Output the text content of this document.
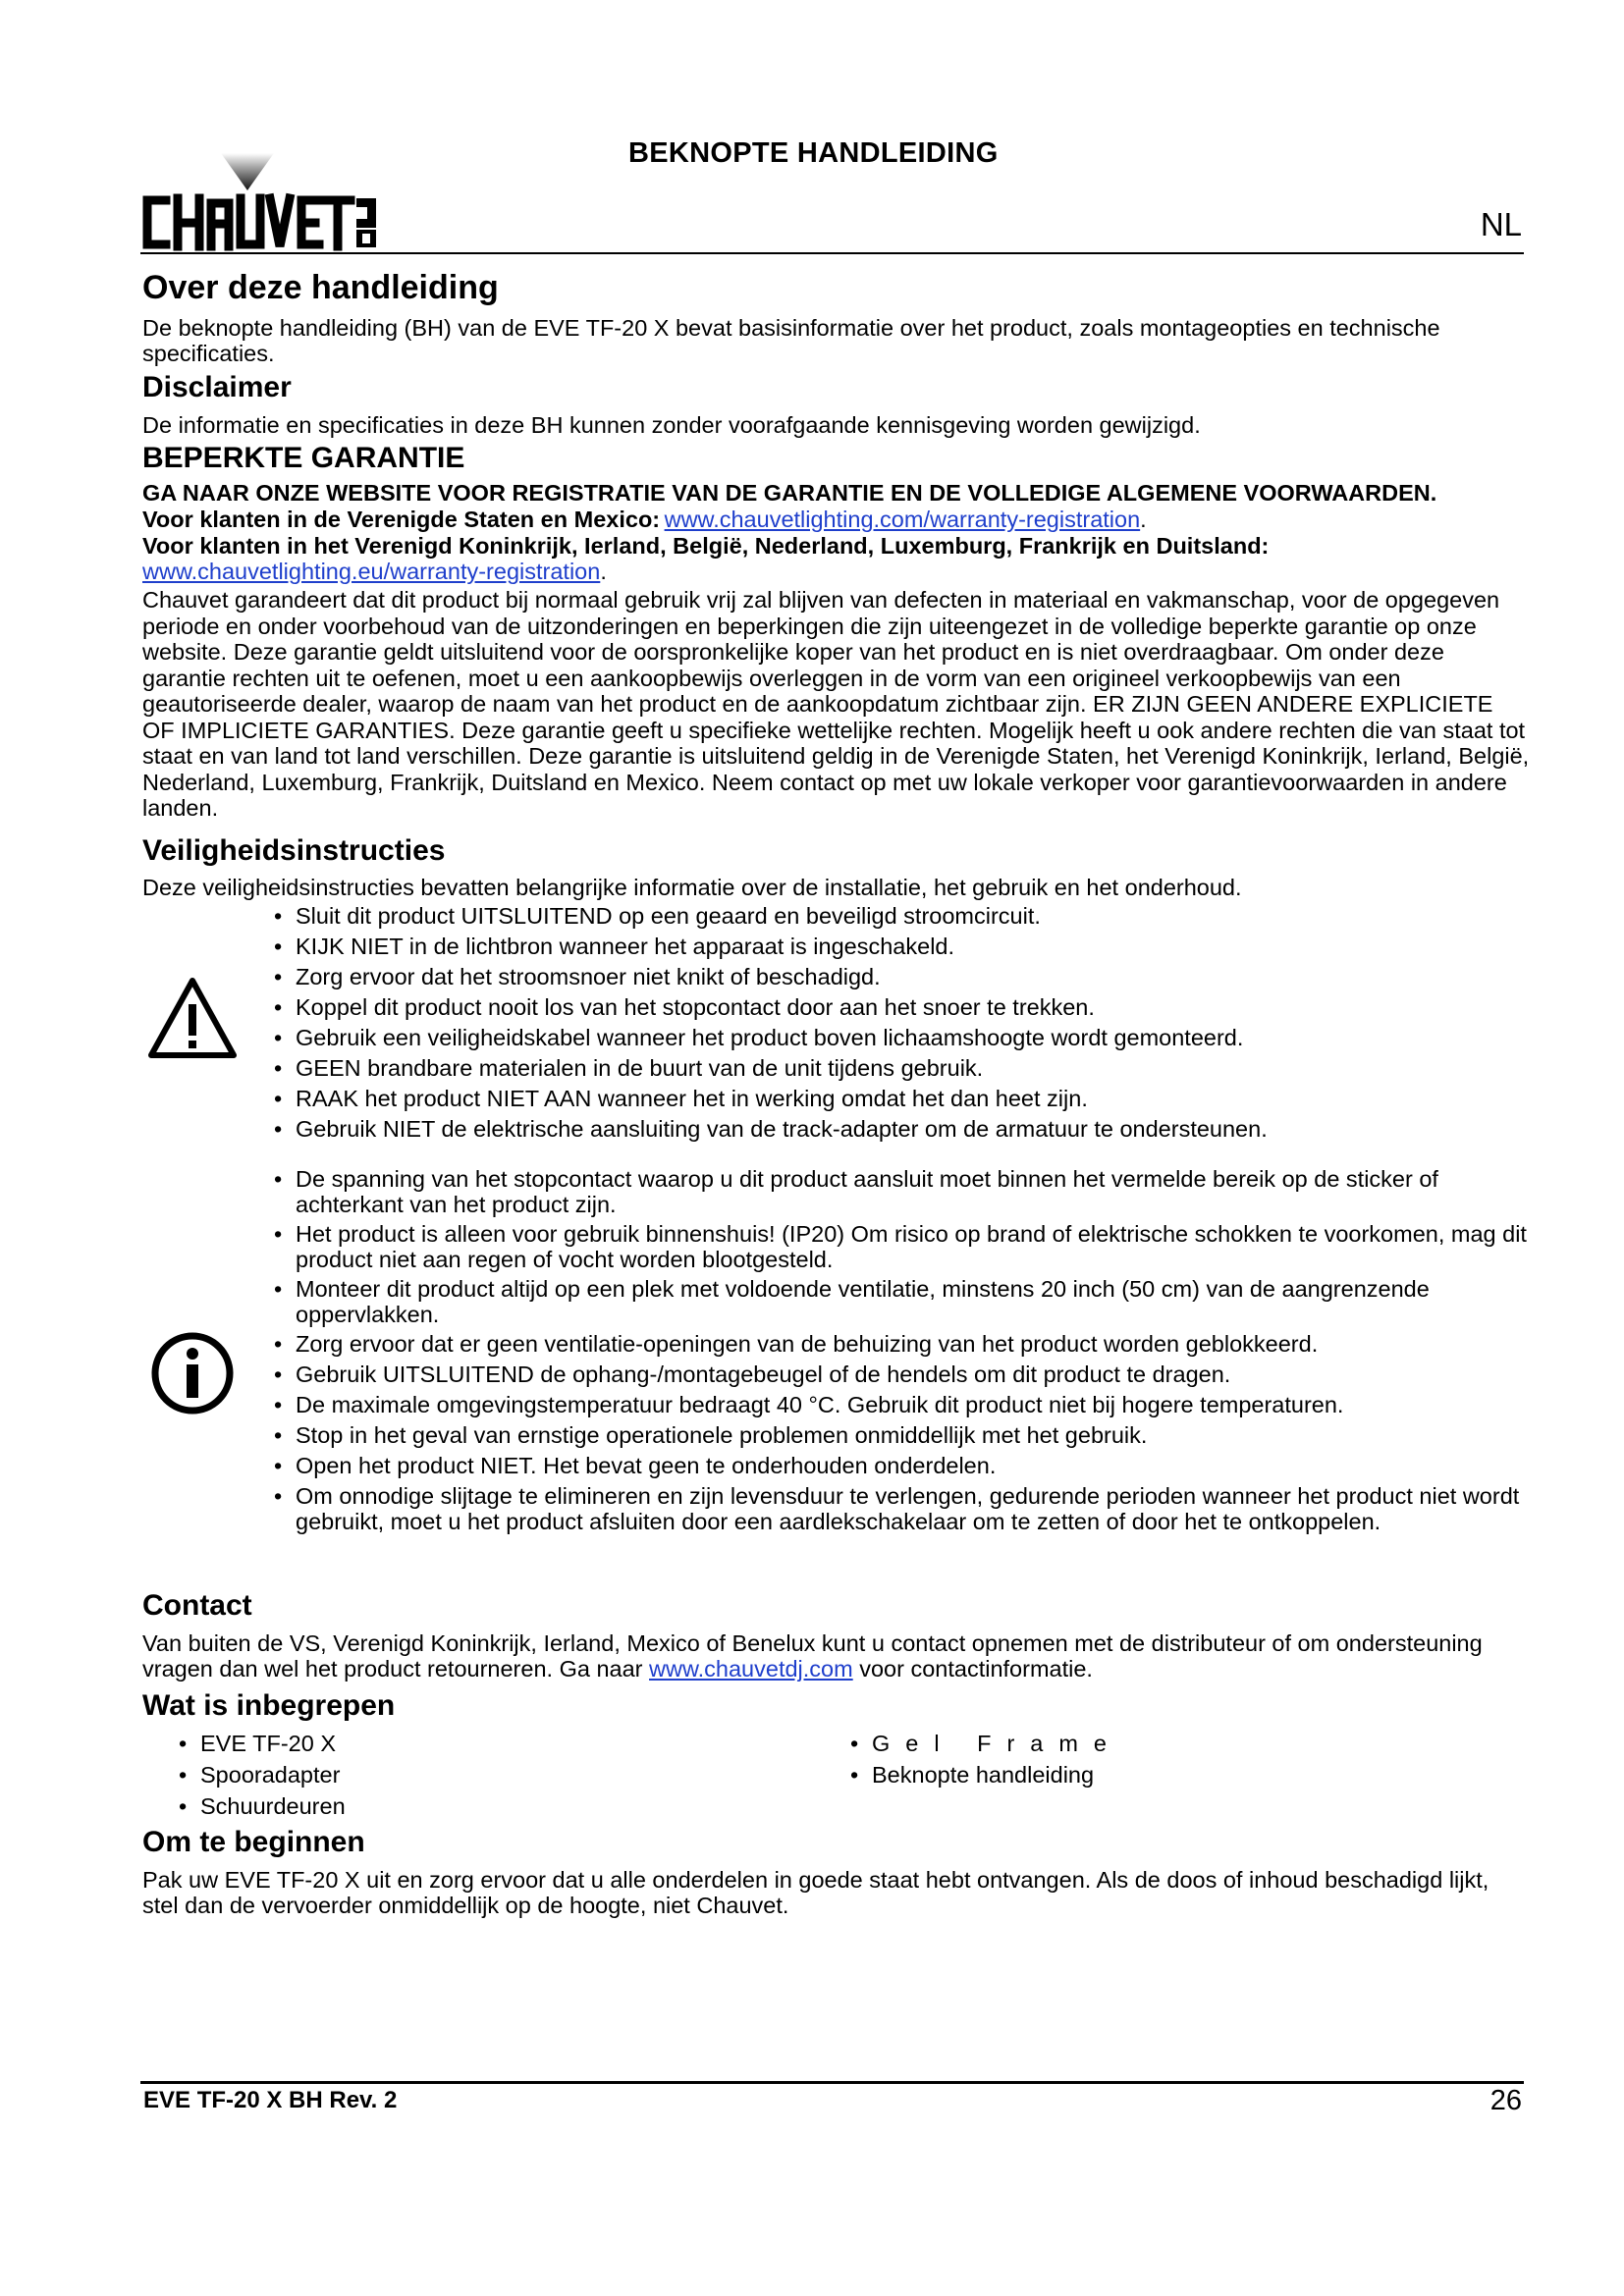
BEKNOPTE HANDLEIDING
NL
Over deze handleiding
De beknopte handleiding (BH) van de EVE TF-20 X bevat basisinformatie over het product, zoals montageopties en technische specificaties.
Disclaimer
De informatie en specificaties in deze BH kunnen zonder voorafgaande kennisgeving worden gewijzigd.
BEPERKTE GARANTIE
GA NAAR ONZE WEBSITE VOOR REGISTRATIE VAN DE GARANTIE EN DE VOLLEDIGE ALGEMENE VOORWAARDEN.
Voor klanten in de Verenigde Staten en Mexico: www.chauvetlighting.com/warranty-registration.
Voor klanten in het Verenigd Koninkrijk, Ierland, België, Nederland, Luxemburg, Frankrijk en Duitsland:
www.chauvetlighting.eu/warranty-registration.
Chauvet garandeert dat dit product bij normaal gebruik vrij zal blijven van defecten in materiaal en vakmanschap, voor de opgegeven periode en onder voorbehoud van de uitzonderingen en beperkingen die zijn uiteengezet in de volledige beperkte garantie op onze website. Deze garantie geldt uitsluitend voor de oorspronkelijke koper van het product en is niet overdraagbaar. Om onder deze garantie rechten uit te oefenen, moet u een aankoopbewijs overleggen in de vorm van een origineel verkoopbewijs van een geautoriseerde dealer, waarop de naam van het product en de aankoopdatum zichtbaar zijn. ER ZIJN GEEN ANDERE EXPLICIETE OF IMPLICIETE GARANTIES. Deze garantie geeft u specifieke wettelijke rechten. Mogelijk heeft u ook andere rechten die van staat tot staat en van land tot land verschillen. Deze garantie is uitsluitend geldig in de Verenigde Staten, het Verenigd Koninkrijk, Ierland, België, Nederland, Luxemburg, Frankrijk, Duitsland en Mexico. Neem contact op met uw lokale verkoper voor garantievoorwaarden in andere landen.
Veiligheidsinstructies
Deze veiligheidsinstructies bevatten belangrijke informatie over de installatie, het gebruik en het onderhoud.
• Sluit dit product UITSLUITEND op een geaard en beveiligd stroomcircuit.
• KIJK NIET in de lichtbron wanneer het apparaat is ingeschakeld.
• Zorg ervoor dat het stroomsnoer niet knikt of beschadigd.
• Koppel dit product nooit los van het stopcontact door aan het snoer te trekken.
• Gebruik een veiligheidskabel wanneer het product boven lichaamshoogte wordt gemonteerd.
• GEEN brandbare materialen in de buurt van de unit tijdens gebruik.
• RAAK het product NIET AAN wanneer het in werking omdat het dan heet zijn.
• Gebruik NIET de elektrische aansluiting van de track-adapter om de armatuur te ondersteunen.
• De spanning van het stopcontact waarop u dit product aansluit moet binnen het vermelde bereik op de sticker of achterkant van het product zijn.
• Het product is alleen voor gebruik binnenshuis! (IP20) Om risico op brand of elektrische schokken te voorkomen, mag dit product niet aan regen of vocht worden blootgesteld.
• Monteer dit product altijd op een plek met voldoende ventilatie, minstens 20 inch (50 cm) van de aangrenzende oppervlakken.
• Zorg ervoor dat er geen ventilatie-openingen van de behuizing van het product worden geblokkeerd.
• Gebruik UITSLUITEND de ophang-/montagebeugel of de hendels om dit product te dragen.
• De maximale omgevingstemperatuur bedraagt 40 °C. Gebruik dit product niet bij hogere temperaturen.
• Stop in het geval van ernstige operationele problemen onmiddellijk met het gebruik.
• Open het product NIET. Het bevat geen te onderhouden onderdelen.
• Om onnodige slijtage te elimineren en zijn levensduur te verlengen, gedurende perioden wanneer het product niet wordt gebruikt, moet u het product afsluiten door een aardlekschakelaar om te zetten of door het te ontkoppelen.
Contact
Van buiten de VS, Verenigd Koninkrijk, Ierland, Mexico of Benelux kunt u contact opnemen met de distributeur of om ondersteuning vragen dan wel het product retourneren. Ga naar www.chauvetdj.com voor contactinformatie.
Wat is inbegrepen
• EVE TF-20 X
• Spooradapter
• Schuurdeuren
• Gel Frame
• Beknopte handleiding
Om te beginnen
Pak uw EVE TF-20 X uit en zorg ervoor dat u alle onderdelen in goede staat hebt ontvangen. Als de doos of inhoud beschadigd lijkt, stel dan de vervoerder onmiddellijk op de hoogte, niet Chauvet.
EVE TF-20 X BH Rev. 2	26
